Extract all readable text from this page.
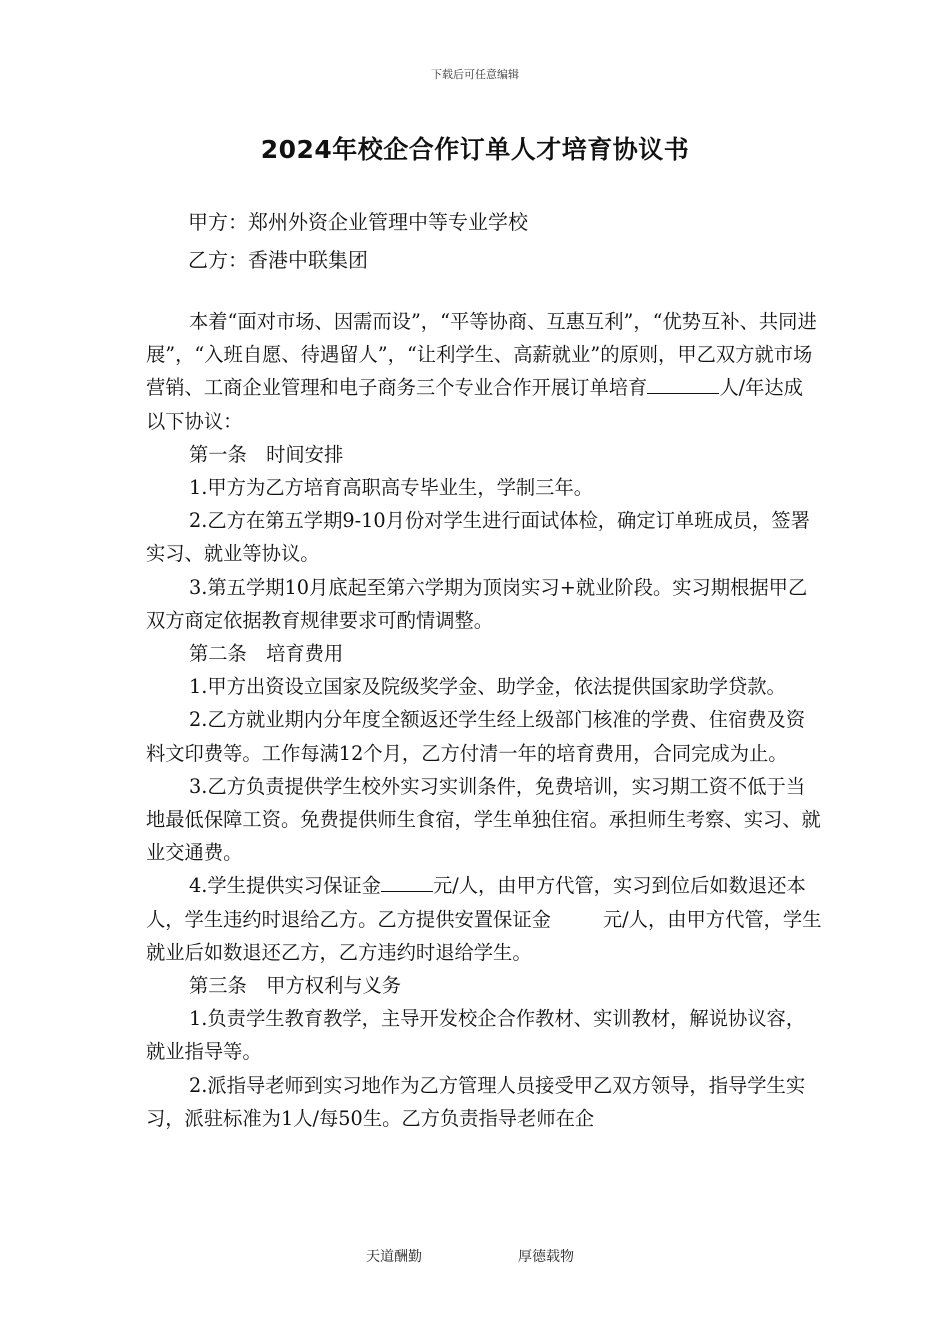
下载后可任意编辑
2024年校企合作订单人才培育协议书
甲方：郑州外资企业管理中等专业学校
乙方：香港中联集团

本着“面对市场、因需而设”，“平等协商、互惠互利”，“优势互补、共同进展”，“入班自愿、待遇留人”，“让利学生、高薪就业”的原则，甲乙双方就市场营销、工商企业管理和电子商务三个专业合作开展订单培育	人/年达成以下协议：

第一条　时间安排

1.甲方为乙方培育高职高专毕业生，学制三年。

2.乙方在第五学期9-10月份对学生进行面试体检，确定订单班成员，签署实习、就业等协议。

3.第五学期10月底起至第六学期为顶岗实习+就业阶段。实习期根据甲乙双方商定依据教育规律要求可酌情调整。

第二条　培育费用

1.甲方出资设立国家及院级奖学金、助学金，依法提供国家助学贷款。

2.乙方就业期内分年度全额返还学生经上级部门核准的学费、住宿费及资料文印费等。工作每满12个月，乙方付清一年的培育费用，合同完成为止。

3.乙方负责提供学生校外实习实训条件，免费培训，实习期工资不低于当地最低保障工资。免费提供师生食宿，学生单独住宿。承担师生考察、实习、就业交通费。

4.学生提供实习保证金	元/人，由甲方代管，实习到位后如数退还本人，学生违约时退给乙方。乙方提供安置保证金	元/人，由甲方代管，学生就业后如数退还乙方，乙方违约时退给学生。

第三条　甲方权利与义务

1.负责学生教育教学，主导开发校企合作教材、实训教材，解说协议容，就业指导等。

2.派指导老师到实习地作为乙方管理人员接受甲乙双方领导，指导学生实习，派驻标准为1人/每50生。乙方负责指导老师在企

天道酬勤	厚德载物
